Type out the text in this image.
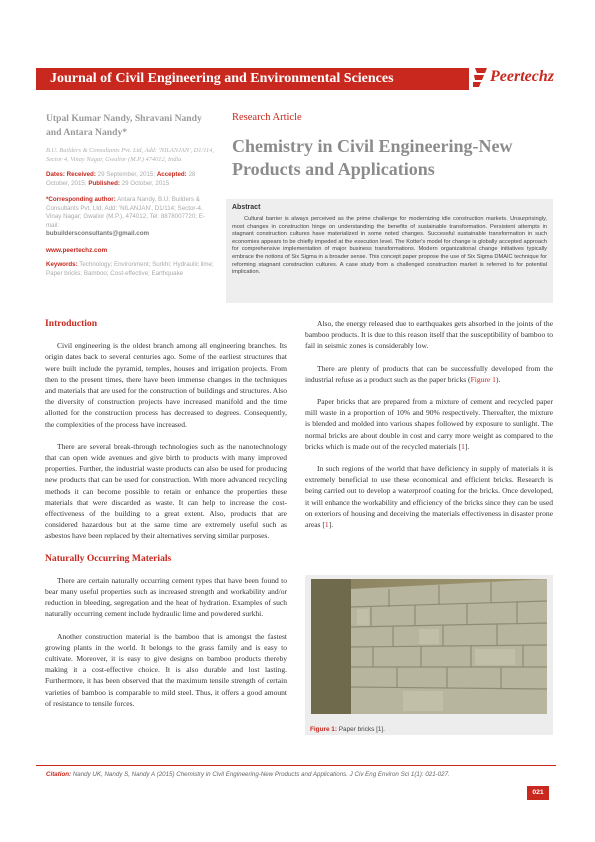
Journal of Civil Engineering and Environmental Sciences	Peertechz
Utpal Kumar Nandy, Shravani Nandy and Antara Nandy*
B.U. Builders & Consultants Pvt. Ltd, Add: 'NILANJAN', D1/114, Sector 4, Vinay Nagar, Gwalior (M.P.) 474012, India
Dates: Received: 29 September, 2015; Accepted: 28 October, 2015; Published: 29 October, 2015
*Corresponding author: Antara Nandy, B.U. Builders & Consultants Pvt. Ltd, Add: 'NILANJAN', D1/114; Sector-4, Vinay Nagar; Gwalior (M.P.), 474012, Tel: 8878007720; E-mail:
bubuildersconsultants@gmail.com
www.peertechz.com
Keywords: Technology; Environment; Surkhi; Hydraulic lime; Paper bricks; Bamboo; Cost-effective; Earthquake
Research Article
Chemistry in Civil Engineering-New Products and Applications
Abstract
Cultural barrier is always perceived as the prime challenge for modernizing idle construction markets. Unsurprisingly, most changes in construction hinge on understanding the benefits of sustainable transformation. Persistent attempts in stagnant construction cultures have materialized in some noted changes. Successful sustainable transformation in such economies appears to be chiefly impeded at the execution level. The Kotter's model for change is globally accepted approach for comprehensive implementation of major business transformations. Modern organizational change initiatives typically embrace the notions of Six Sigma in a broader sense. This concept paper propose the use of Six Sigma DMAIC technique for reforming stagnant construction cultures. A case study from a challenged construction market is referred to for potential implication.

Introduction

Civil engineering is the oldest branch among all engineering branches. Its origin dates back to several centuries ago. Some of the earliest structures that were built include the pyramid, temples, houses and irrigation projects. From then to the present times, there have been immense changes in the techniques and materials that are used for the construction of buildings and structures. Also the diversity of construction projects have increased manifold and the time allotted for the construction process has decreased to degrees. Consequently, the complexities of the process have increased.

There are several break-through technologies such as the nanotechnology that can open wide avenues and give birth to products with many improved properties. Further, the industrial waste products can also be used for producing new products that can be used for construction. With more advanced recycling methods it can become possible to retain or enhance the properties these materials that were discarded as waste. It can help to increase the cost-effectiveness of the building to a great extent. Also, products that are considered hazardous but at the same time are extremely useful such as asbestos have been replaced by their alternatives serving similar purposes.

Naturally Occurring Materials

There are certain naturally occurring cement types that have been found to bear many useful properties such as increased strength and workability and/or reduction in bleeding, segregation and the heat of hydration. Examples of such naturally occurring cement include hydraulic lime and powdered surkhi.

Another construction material is the bamboo that is amongst the fastest growing plants in the world. It belongs to the grass family and is easy to cultivate. Moreover, it is easy to give designs on bamboo products thereby making it a cost-effective choice. It is also durable and lost lasting. Furthermore, it has been observed that the maximum tensile strength of certain varieties of bamboo is comparable to mild steel. Thus, it offers a good amount of resistance to tensile forces.

Also, the energy released due to earthquakes gets absorbed in the joints of the bamboo products. It is due to this reason itself that the susceptibility of bamboo to fail in seismic zones is considerably low.

There are plenty of products that can be successfully developed from the industrial refuse as a product such as the paper bricks (Figure 1).

Paper bricks that are prepared from a mixture of cement and recycled paper mill waste in a proportion of 10% and 90% respectively. Thereafter, the mixture is blended and molded into various shapes followed by exposure to sunlight. The normal bricks are about double in cost and carry more weight as compared to the bricks which is made out of the recycled materials [1].

In such regions of the world that have deficiency in supply of materials it is extremely beneficial to use these economical and efficient bricks. Research is being carried out to develop a waterproof coating for the bricks. Once developed, it will enhance the workability and efficiency of the bricks since they can be used on exteriors of housing and deceiving the materials effectiveness in disaster prone areas [1].

Figure 1: Paper bricks [1].
Citation: Nandy UK, Nandy S, Nandy A (2015) Chemistry in Civil Engineering-New Products and Applications. J Civ Eng Environ Sci 1(1): 021-027.
021
